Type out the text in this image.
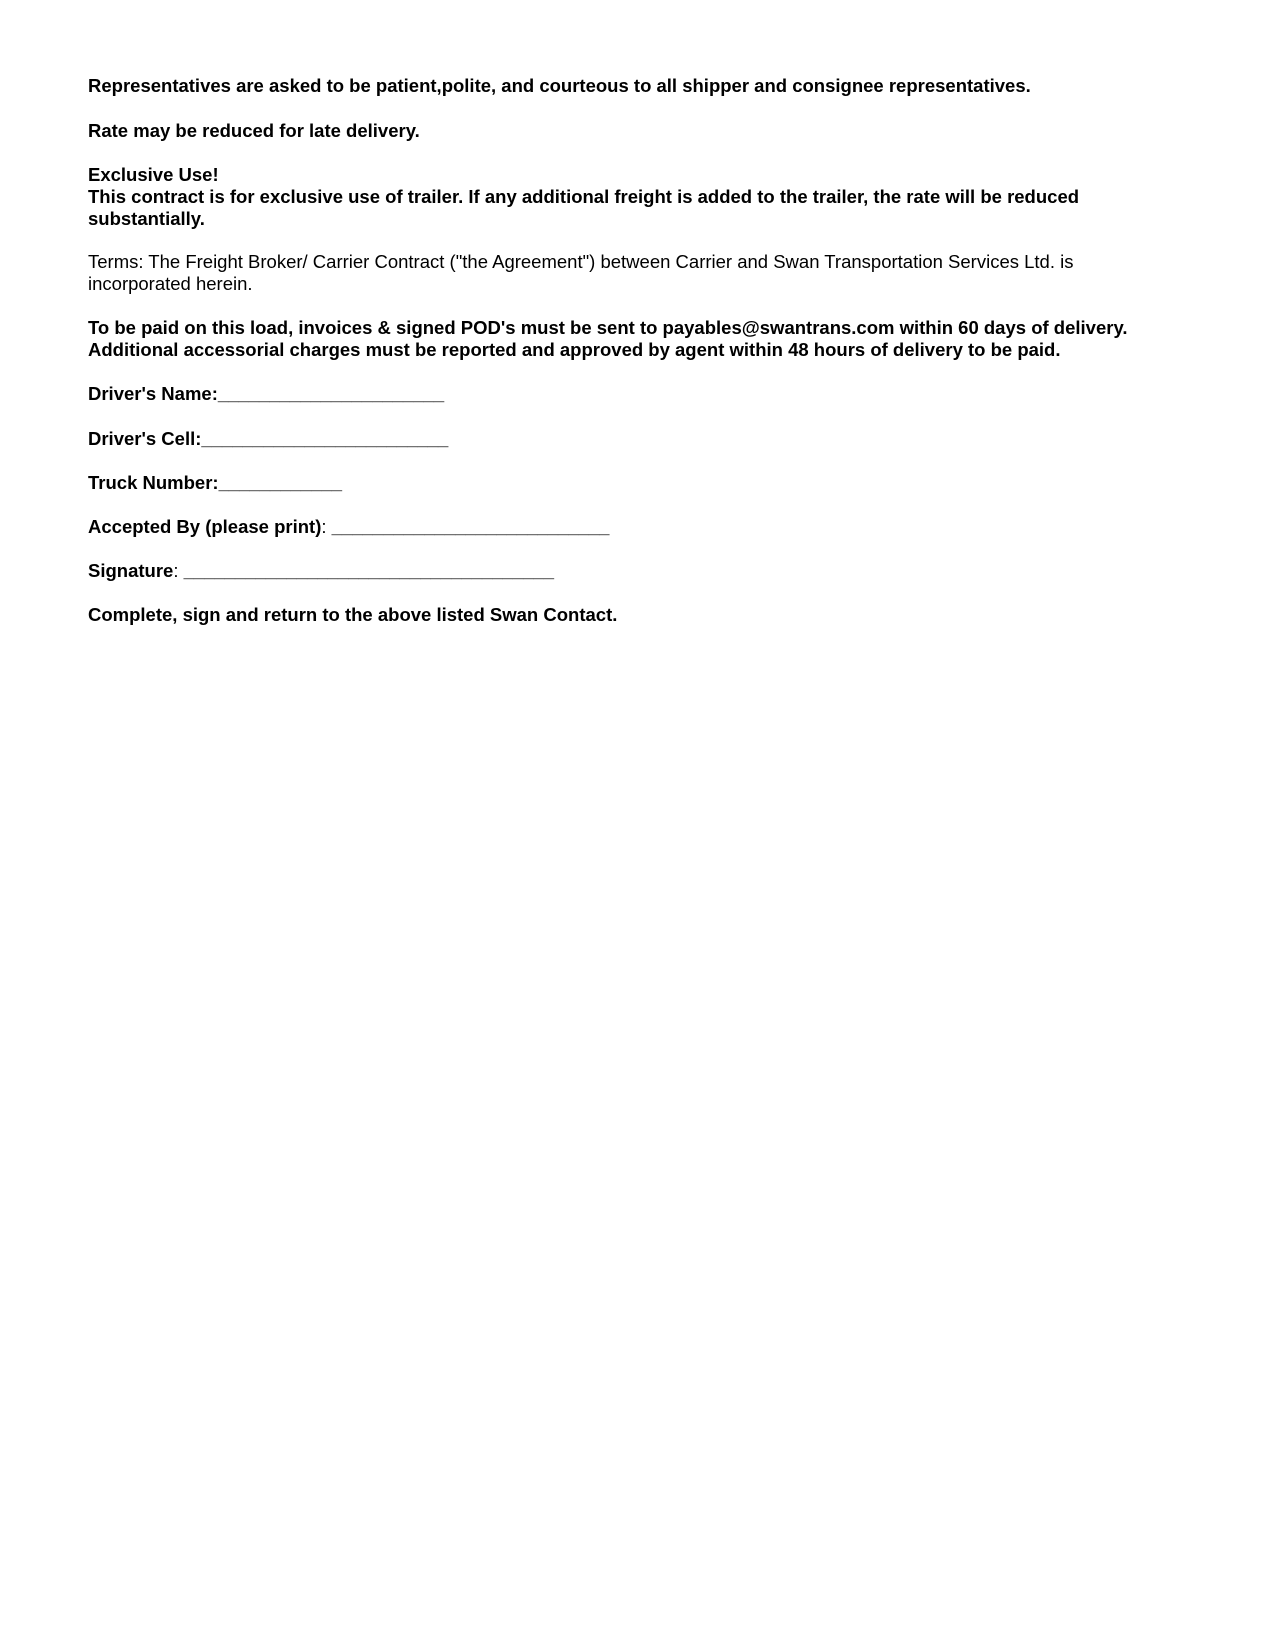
Representatives are asked to be patient,polite, and courteous to all shipper and consignee representatives.

Rate may be reduced for late delivery.

Exclusive Use!

This contract is for exclusive use of trailer. If any additional freight is added to the trailer, the rate will be reduced

substantially.

Terms: The Freight Broker/ Carrier Contract ("the Agreement") between Carrier and Swan Transportation Services Ltd. is

incorporated herein.

To be paid on this load, invoices & signed POD's must be sent to payables@swantrans.com within 60 days of delivery.

Additional accessorial charges must be reported and approved by agent within 48 hours of delivery to be paid.

Driver's Name:______________________

Driver's Cell:________________________

Truck Number:____________

Accepted By (please print): ___________________________

Signature: ____________________________________

Complete, sign and return to the above listed Swan Contact.
